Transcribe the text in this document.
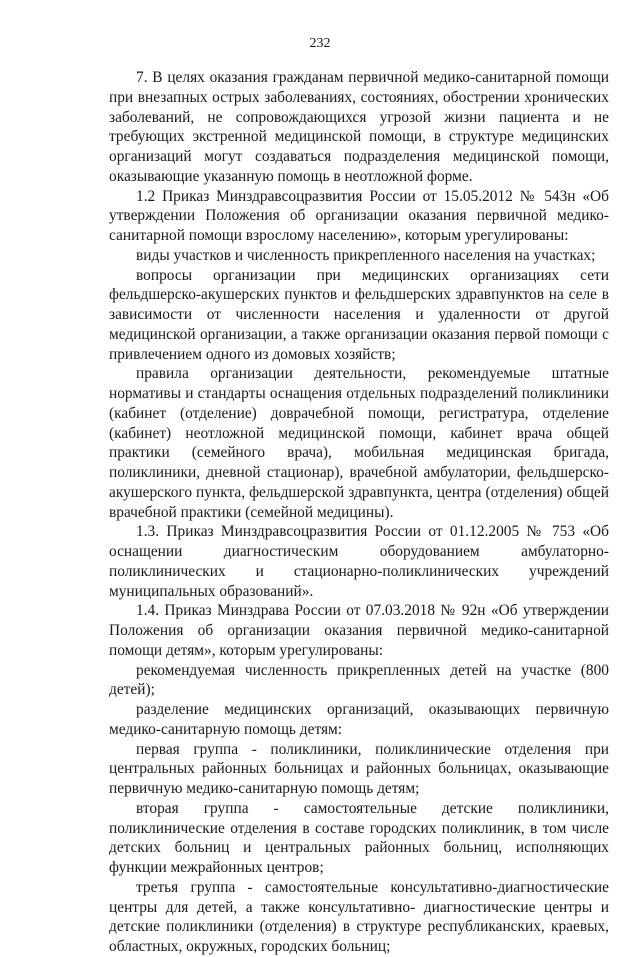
232

7. В целях оказания гражданам первичной медико-санитарной помощи при внезапных острых заболеваниях, состояниях, обострении хронических заболеваний, не сопровождающихся угрозой жизни пациента и не требующих экстренной медицинской помощи, в структуре медицинских организаций могут создаваться подразделения медицинской помощи, оказывающие указанную помощь в неотложной форме.

1.2 Приказ Минздравсоцразвития России от 15.05.2012 № 543н «Об утверждении Положения об организации оказания первичной медико-санитарной помощи взрослому населению», которым урегулированы:

виды участков и численность прикрепленного населения на участках;

вопросы организации при медицинских организациях сети фельдшерско-акушерских пунктов и фельдшерских здравпунктов на селе в зависимости от численности населения и удаленности от другой медицинской организации, а также организации оказания первой помощи с привлечением одного из домовых хозяйств;

правила организации деятельности, рекомендуемые штатные нормативы и стандарты оснащения отдельных подразделений поликлиники (кабинет (отделение) доврачебной помощи, регистратура, отделение (кабинет) неотложной медицинской помощи, кабинет врача общей практики (семейного врача), мобильная медицинская бригада, поликлиники, дневной стационар), врачебной амбулатории, фельдшерско-акушерского пункта, фельдшерской здравпункта, центра (отделения) общей врачебной практики (семейной медицины).

1.3. Приказ Минздравсоцразвития России от 01.12.2005 № 753 «Об оснащении диагностическим оборудованием амбулаторно-поликлинических и стационарно-поликлинических учреждений муниципальных образований».

1.4. Приказ Минздрава России от 07.03.2018 № 92н «Об утверждении Положения об организации оказания первичной медико-санитарной помощи детям», которым урегулированы:

рекомендуемая численность прикрепленных детей на участке (800 детей);

разделение медицинских организаций, оказывающих первичную медико-санитарную помощь детям:

первая группа - поликлиники, поликлинические отделения при центральных районных больницах и районных больницах, оказывающие первичную медико-санитарную помощь детям;

вторая группа - самостоятельные детские поликлиники, поликлинические отделения в составе городских поликлиник, в том числе детских больниц и центральных районных больниц, исполняющих функции межрайонных центров;

третья группа - самостоятельные консультативно-диагностические центры для детей, а также консультативно- диагностические центры и детские поликлиники (отделения) в структуре республиканских, краевых, областных, окружных, городских больниц;
